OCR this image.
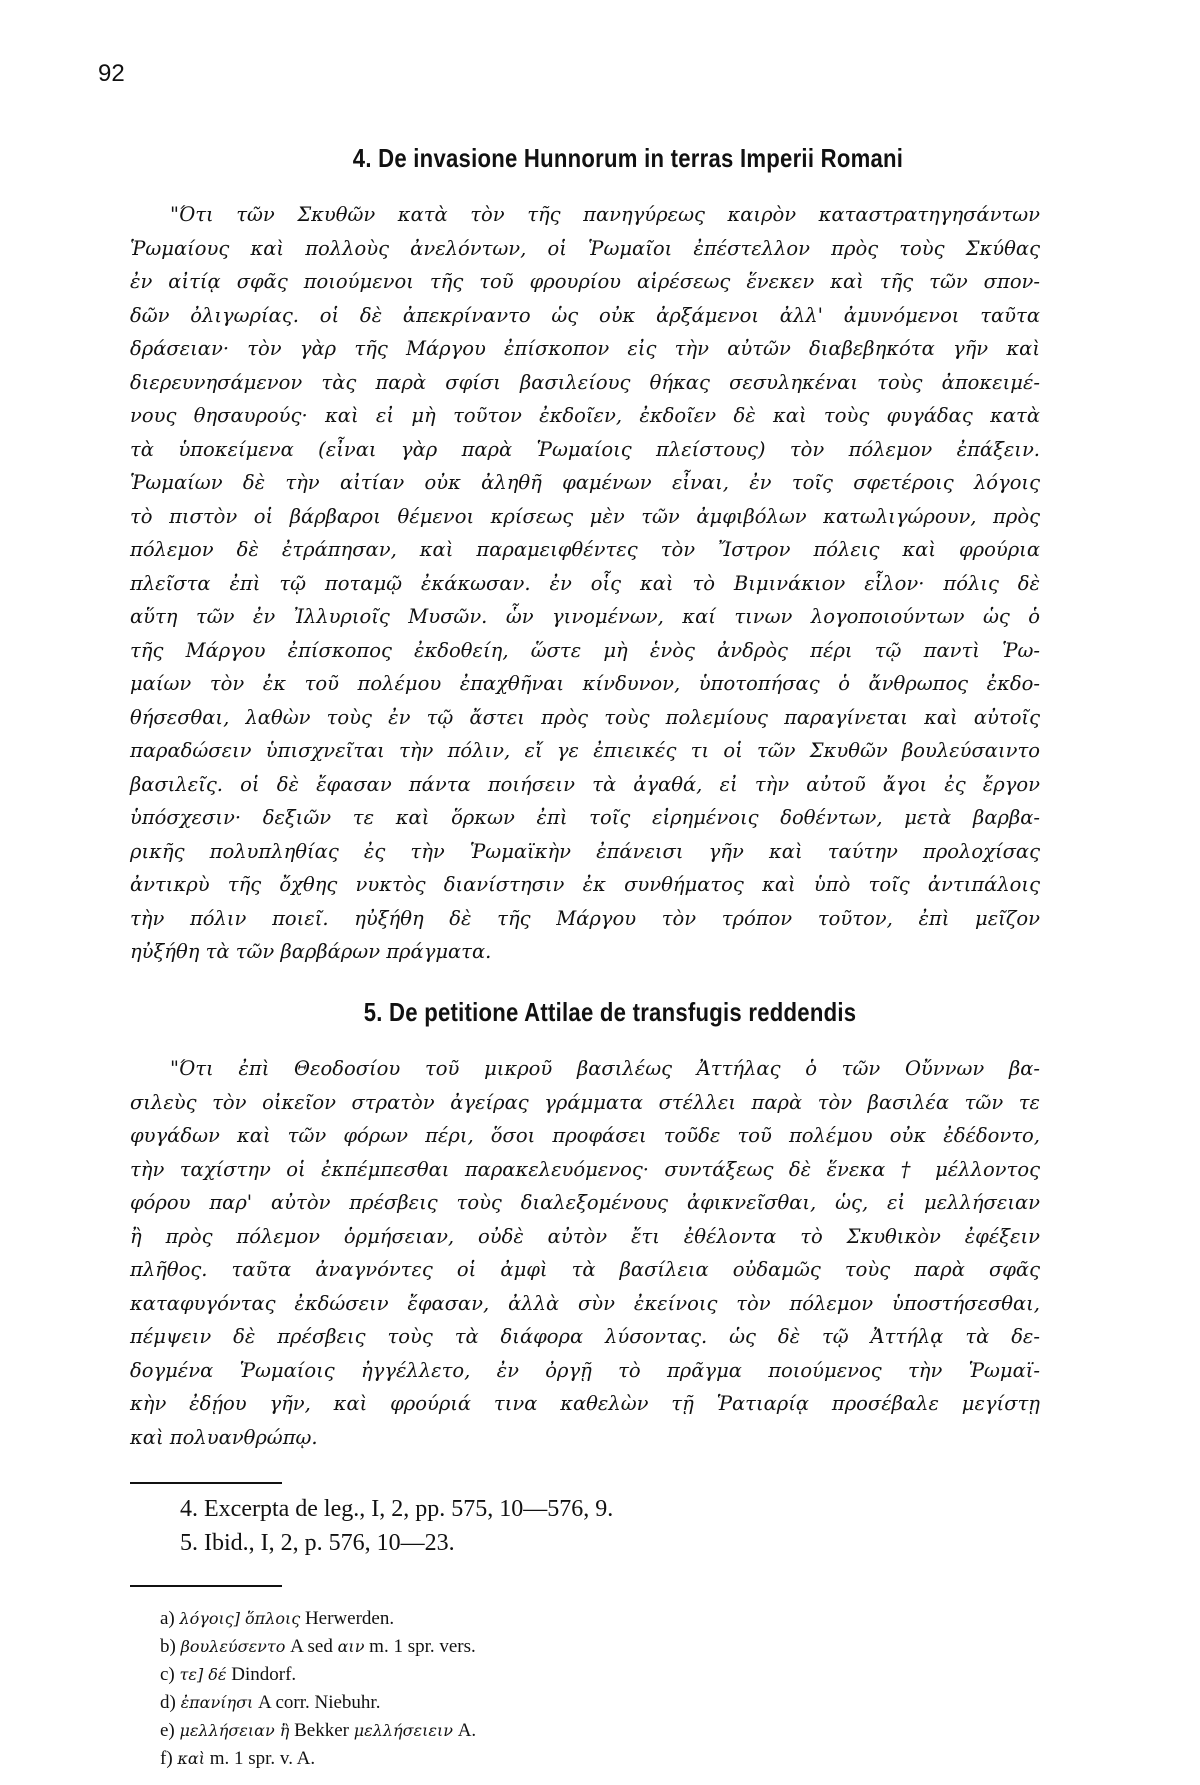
92
4. De invasione Hunnorum in terras Imperii Romani
"Ότι τῶν Σκυθῶν κατὰ τὸν τῆς πανηγύρεως καιρὸν καταστρατηγησάντων
Ῥωμαίους καὶ πολλοὺς ἀνελόντων, οἱ Ῥωμαῖοι ἐπέστελλον πρὸς τοὺς Σκύθας
ἐν αἰτίᾳ σφᾶς ποιούμενοι τῆς τοῦ φρουρίου αἱρέσεως ἕνεκεν καὶ τῆς τῶν σπον-
δῶν ὀλιγωρίας. οἱ δὲ ἀπεκρίναντο ὡς οὐκ ἀρξάμενοι ἀλλ' ἀμυνόμενοι ταῦτα
δράσειαν· τὸν γὰρ τῆς Μάργου ἐπίσκοπον εἰς τὴν αὐτῶν διαβεβηκότα γῆν καὶ
διερευνησάμενον τὰς παρὰ σφίσι βασιλείους θήκας σεσυληκέναι τοὺς ἀποκειμέ-
νους θησαυρούς· καὶ εἰ μὴ τοῦτον ἐκδοῖεν, ἐκδοῖεν δὲ καὶ τοὺς φυγάδας κατὰ
τὰ ὑποκείμενα (εἶναι γὰρ παρὰ Ῥωμαίοις πλείστους) τὸν πόλεμον ἐπάξειν.
Ῥωμαίων δὲ τὴν αἰτίαν οὐκ ἀληθῆ φαμένων εἶναι, ἐν τοῖς σφετέροις λόγοις
τὸ πιστὸν οἱ βάρβαροι θέμενοι κρίσεως μὲν τῶν ἀμφιβόλων κατωλιγώρουν, πρὸς
πόλεμον δὲ ἐτράπησαν, καὶ παραμειφθέντες τὸν Ἴστρον πόλεις καὶ φρούρια
πλεῖστα ἐπὶ τῷ ποταμῷ ἐκάκωσαν. ἐν οἷς καὶ τὸ Βιμινάκιον εἷλον· πόλις δὲ
αὕτη τῶν ἐν Ἰλλυριοῖς Μυσῶν. ὧν γινομένων, καί τινων λογοποιούντων ὡς ὁ
τῆς Μάργου ἐπίσκοπος ἐκδοθείη, ὥστε μὴ ἑνὸς ἀνδρὸς πέρι τῷ παντὶ Ῥω-
μαίων τὸν ἐκ τοῦ πολέμου ἐπαχθῆναι κίνδυνον, ὑποτοπήσας ὁ ἄνθρωπος ἐκδο-
θήσεσθαι, λαθὼν τοὺς ἐν τῷ ἄστει πρὸς τοὺς πολεμίους παραγίνεται καὶ αὐτοῖς
παραδώσειν ὑπισχνεῖται τὴν πόλιν, εἴ γε ἐπιεικές τι οἱ τῶν Σκυθῶν βουλεύσαιντο
βασιλεῖς. οἱ δὲ ἔφασαν πάντα ποιήσειν τὰ ἀγαθά, εἰ τὴν αὐτοῦ ἄγοι ἐς ἔργον
ὑπόσχεσιν· δεξιῶν τε καὶ ὅρκων ἐπὶ τοῖς εἰρημένοις δοθέντων, μετὰ βαρβα-
ρικῆς πολυπληθίας ἐς τὴν Ῥωμαϊκὴν ἐπάνεισι γῆν καὶ ταύτην προλοχίσας
ἀντικρὺ τῆς ὄχθης νυκτὸς διανίστησιν ἐκ συνθήματος καὶ ὑπὸ τοῖς ἀντιπάλοις
τὴν πόλιν ποιεῖ. ηὐξήθη δὲ τῆς Μάργου τὸν τρόπον τοῦτον, ἐπὶ μεῖζον
ηὐξήθη τὰ τῶν βαρβάρων πράγματα.
5. De petitione Attilae de transfugis reddendis
"Ότι ἐπὶ Θεοδοσίου τοῦ μικροῦ βασιλέως Ἀττήλας ὁ τῶν Οὔννων βα-
σιλεὺς τὸν οἰκεῖον στρατὸν ἀγείρας γράμματα στέλλει παρὰ τὸν βασιλέα τῶν τε
φυγάδων καὶ τῶν φόρων πέρι, ὅσοι προφάσει τοῦδε τοῦ πολέμου οὐκ ἐδέδοντο,
τὴν ταχίστην οἱ ἐκπέμπεσθαι παρακελευόμενος· συντάξεως δὲ ἕνεκα † μέλλοντος
φόρου παρ' αὐτὸν πρέσβεις τοὺς διαλεξομένους ἀφικνεῖσθαι, ὡς, εἰ μελλήσειαν
ἢ πρὸς πόλεμον ὁρμήσειαν, οὐδὲ αὐτὸν ἔτι ἐθέλοντα τὸ Σκυθικὸν ἐφέξειν
πλῆθος. ταῦτα ἀναγνόντες οἱ ἀμφὶ τὰ βασίλεια οὐδαμῶς τοὺς παρὰ σφᾶς
καταφυγόντας ἐκδώσειν ἔφασαν, ἀλλὰ σὺν ἐκείνοις τὸν πόλεμον ὑποστήσεσθαι,
πέμψειν δὲ πρέσβεις τοὺς τὰ διάφορα λύσοντας. ὡς δὲ τῷ Ἀττήλᾳ τὰ δε-
δογμένα Ῥωμαίοις ἠγγέλλετο, ἐν ὀργῇ τὸ πρᾶγμα ποιούμενος τὴν Ῥωμαϊ-
κὴν ἐδῄου γῆν, καὶ φρούριά τινα καθελὼν τῇ Ῥατιαρίᾳ προσέβαλε μεγίστῃ
καὶ πολυανθρώπῳ.
4. Excerpta de leg., I, 2, pp. 575, 10—576, 9.
5. Ibid., I, 2, p. 576, 10—23.
a) λόγοις] ὅπλοις Herwerden.
b) βουλεύσεντο A sed αιν m. 1 spr. vers.
c) τε] δέ Dindorf.
d) ἐπανίησι A corr. Niebuhr.
e) μελλήσειαν ἢ Bekker μελλήσειειν A.
f) καὶ m. 1 spr. v. A.
